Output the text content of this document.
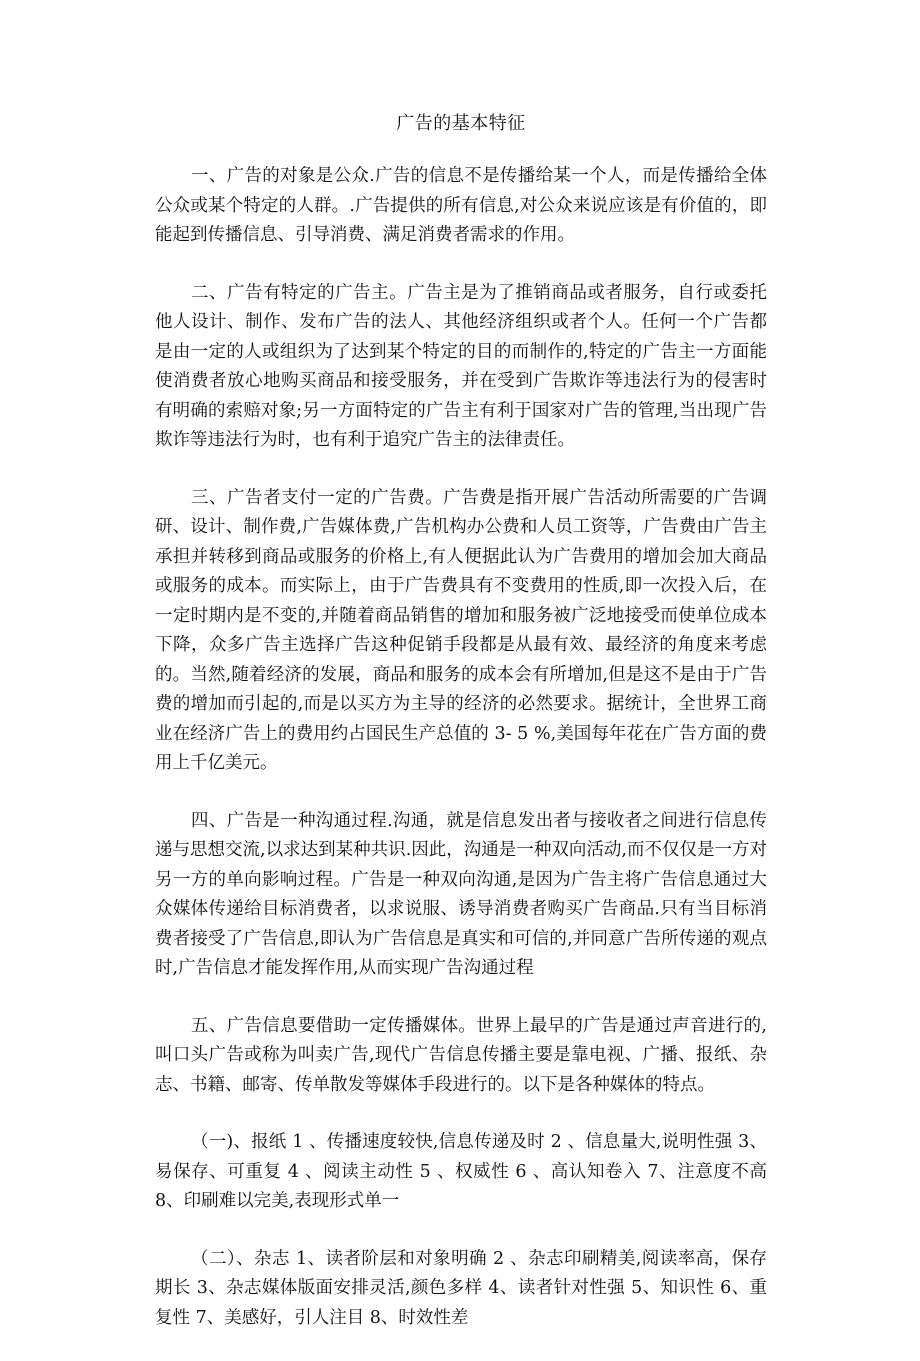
广告的基本特征

一、广告的对象是公众.广告的信息不是传播给某一个人，而是传播给全体公众或某个特定的人群。.广告提供的所有信息,对公众来说应该是有价值的，即能起到传播信息、引导消费、满足消费者需求的作用。

二、广告有特定的广告主。广告主是为了推销商品或者服务，自行或委托他人设计、制作、发布广告的法人、其他经济组织或者个人。任何一个广告都是由一定的人或组织为了达到某个特定的目的而制作的,特定的广告主一方面能使消费者放心地购买商品和接受服务，并在受到广告欺诈等违法行为的侵害时有明确的索赔对象;另一方面特定的广告主有利于国家对广告的管理,当出现广告欺诈等违法行为时，也有利于追究广告主的法律责任。

三、广告者支付一定的广告费。广告费是指开展广告活动所需要的广告调研、设计、制作费,广告媒体费,广告机构办公费和人员工资等，广告费由广告主承担并转移到商品或服务的价格上,有人便据此认为广告费用的增加会加大商品或服务的成本。而实际上，由于广告费具有不变费用的性质,即一次投入后，在一定时期内是不变的,并随着商品销售的增加和服务被广泛地接受而使单位成本下降，众多广告主选择广告这种促销手段都是从最有效、最经济的角度来考虑的。当然,随着经济的发展，商品和服务的成本会有所增加,但是这不是由于广告费的增加而引起的,而是以买方为主导的经济的必然要求。据统计，全世界工商业在经济广告上的费用约占国民生产总值的 3- 5 %,美国每年花在广告方面的费用上千亿美元。

四、广告是一种沟通过程.沟通，就是信息发出者与接收者之间进行信息传递与思想交流,以求达到某种共识.因此，沟通是一种双向活动,而不仅仅是一方对另一方的单向影响过程。广告是一种双向沟通,是因为广告主将广告信息通过大众媒体传递给目标消费者，以求说服、诱导消费者购买广告商品.只有当目标消费者接受了广告信息,即认为广告信息是真实和可信的,并同意广告所传递的观点时,广告信息才能发挥作用,从而实现广告沟通过程

五、广告信息要借助一定传播媒体。世界上最早的广告是通过声音进行的,叫口头广告或称为叫卖广告,现代广告信息传播主要是靠电视、广播、报纸、杂志、书籍、邮寄、传单散发等媒体手段进行的。以下是各种媒体的特点。

（一)、报纸 1 、传播速度较快,信息传递及时 2 、信息量大,说明性强 3、易保存、可重复 4 、阅读主动性 5 、权威性 6 、高认知卷入 7、注意度不高 8、印刷难以完美,表现形式单一

（二）、杂志 1、读者阶层和对象明确 2 、杂志印刷精美,阅读率高，保存期长 3、杂志媒体版面安排灵活,颜色多样 4、读者针对性强 5、知识性 6、重复性 7、美感好，引人注目 8、时效性差
